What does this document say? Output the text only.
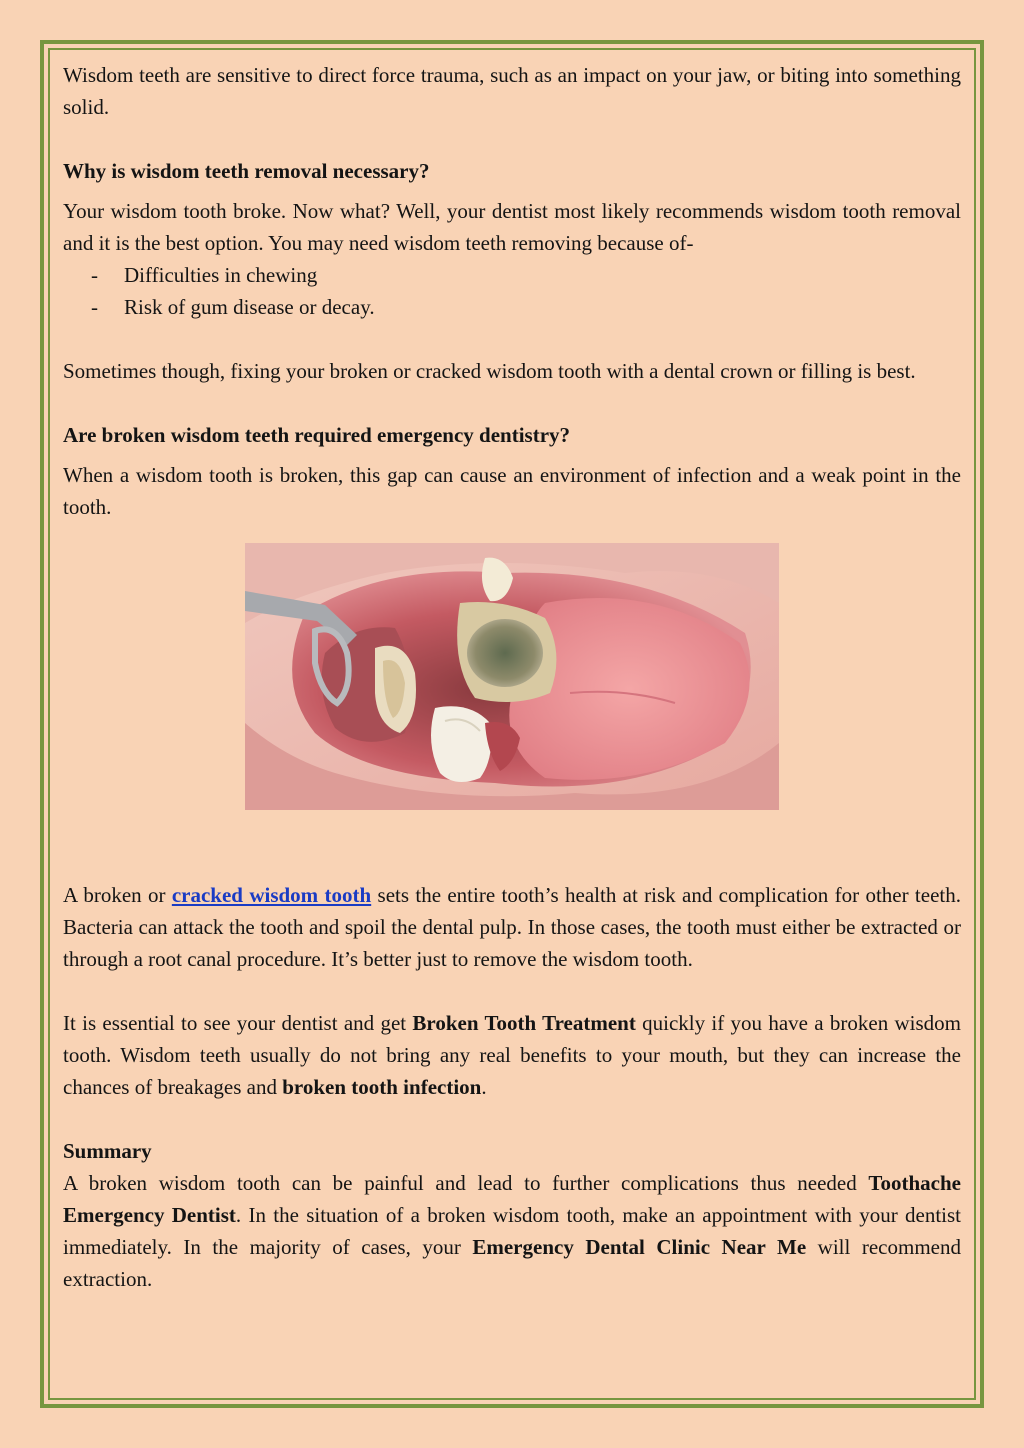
Wisdom teeth are sensitive to direct force trauma, such as an impact on your jaw, or biting into something solid.

Why is wisdom teeth removal necessary?

Your wisdom tooth broke. Now what? Well, your dentist most likely recommends wisdom tooth removal and it is the best option. You may need wisdom teeth removing because of-

- Difficulties in chewing
- Risk of gum disease or decay.

Sometimes though, fixing your broken or cracked wisdom tooth with a dental crown or filling is best.

Are broken wisdom teeth required emergency dentistry?

When a wisdom tooth is broken, this gap can cause an environment of infection and a weak point in the tooth.

A broken or cracked wisdom tooth sets the entire tooth’s health at risk and complication for other teeth. Bacteria can attack the tooth and spoil the dental pulp. In those cases, the tooth must either be extracted or through a root canal procedure. It’s better just to remove the wisdom tooth.

It is essential to see your dentist and get Broken Tooth Treatment quickly if you have a broken wisdom tooth. Wisdom teeth usually do not bring any real benefits to your mouth, but they can increase the chances of breakages and broken tooth infection.

Summary

A broken wisdom tooth can be painful and lead to further complications thus needed Toothache Emergency Dentist. In the situation of a broken wisdom tooth, make an appointment with your dentist immediately. In the majority of cases, your Emergency Dental Clinic Near Me will recommend extraction.
